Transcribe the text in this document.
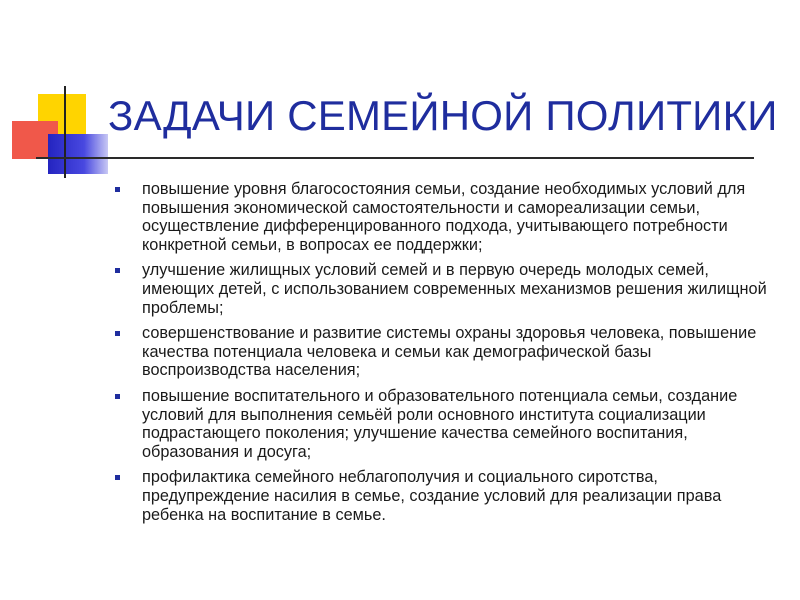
ЗАДАЧИ СЕМЕЙНОЙ ПОЛИТИКИ
повышение уровня благосостояния семьи, создание необходимых условий для повышения экономической самостоятельности и самореализации семьи, осуществление дифференцированного подхода, учитывающего потребности конкретной семьи, в вопросах ее поддержки;
улучшение жилищных условий семей и в первую очередь молодых семей, имеющих детей, с использованием современных механизмов решения жилищной проблемы;
совершенствование и развитие системы охраны здоровья человека, повышение качества потенциала человека и семьи как демографической базы воспроизводства населения;
повышение воспитательного и образовательного потенциала семьи, создание условий для выполнения семьёй роли основного института социализации подрастающего поколения; улучшение качества семейного воспитания, образования и досуга;
профилактика семейного неблагополучия и социального сиротства, предупреждение насилия в семье, создание условий для реализации права ребенка на воспитание в семье.
